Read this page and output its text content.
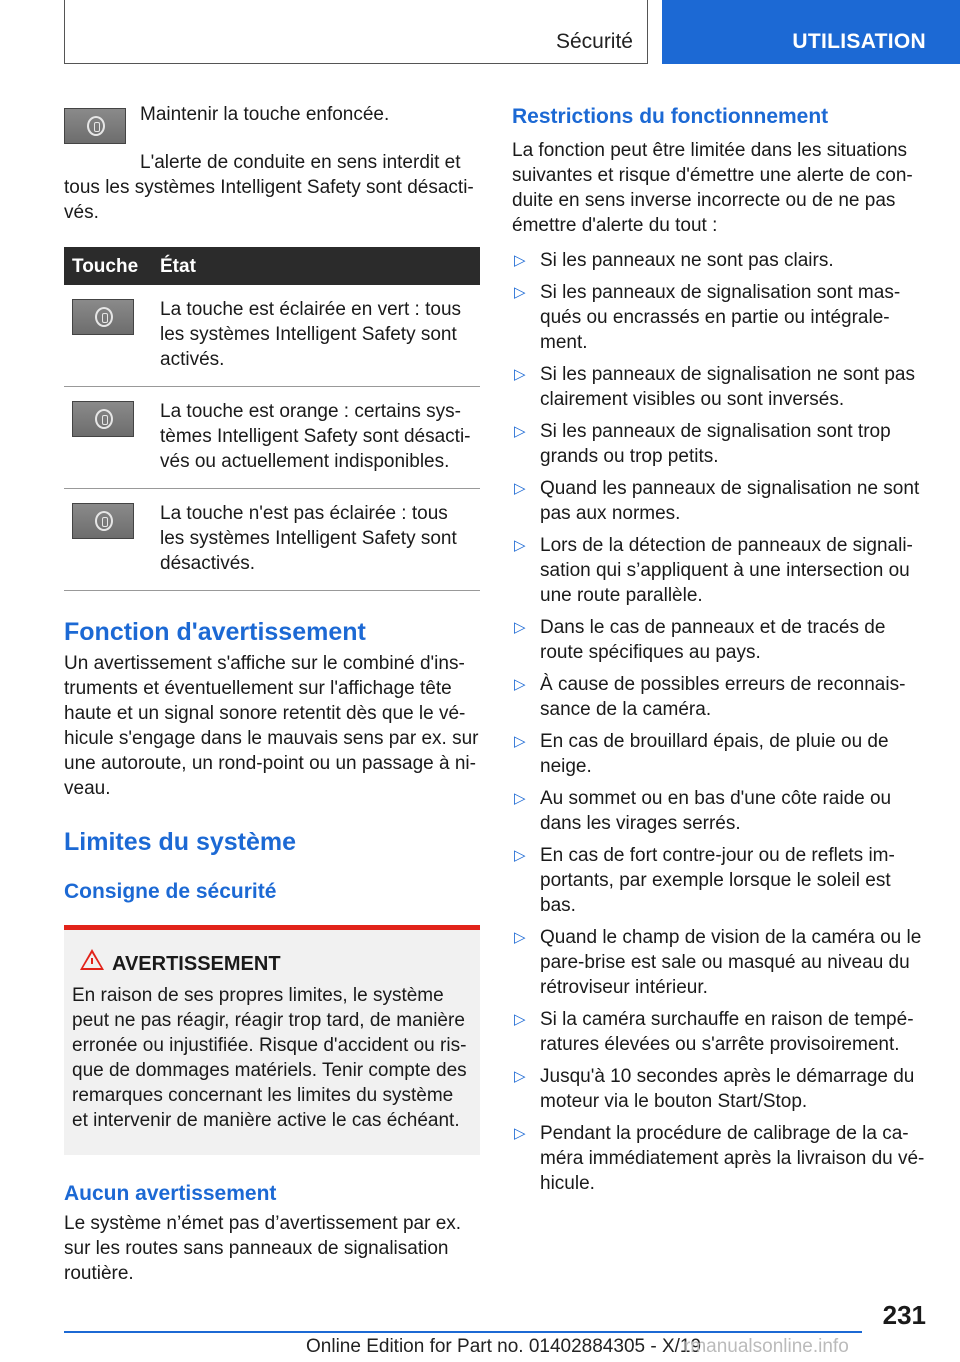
Sécurité	UTILISATION

Maintenir la touche enfoncée.

L'alerte de conduite en sens interdit et tous les systèmes Intelligent Safety sont désacti-vés.
Touche	État

	La touche est éclairée en vert : tous les systèmes Intelligent Safety sont activés.

	La touche est orange : certains sys-tèmes Intelligent Safety sont désacti-vés ou actuellement indisponibles.

	La touche n'est pas éclairée : tous les systèmes Intelligent Safety sont désactivés.
Fonction d'avertissement

Un avertissement s'affiche sur le combiné d'ins-truments et éventuellement sur l'affichage tête haute et un signal sonore retentit dès que le vé-hicule s'engage dans le mauvais sens par ex. sur une autoroute, un rond-point ou un passage à ni-veau.

Limites du système
Consigne de sécurité
AVERTISSEMENT

En raison de ses propres limites, le système peut ne pas réagir, réagir trop tard, de manière erronée ou injustifiée. Risque d'accident ou ris-que de dommages matériels. Tenir compte des remarques concernant les limites du système et intervenir de manière active le cas échéant.

Aucun avertissement

Le système n’émet pas d’avertissement par ex. sur les routes sans panneaux de signalisation routière.

Restrictions du fonctionnement

La fonction peut être limitée dans les situations suivantes et risque d'émettre une alerte de con-duite en sens inverse incorrecte ou de ne pas émettre d'alerte du tout :

▷ Si les panneaux ne sont pas clairs.
▷ Si les panneaux de signalisation sont mas-qués ou encrassés en partie ou intégrale-ment.
▷ Si les panneaux de signalisation ne sont pas clairement visibles ou sont inversés.
▷ Si les panneaux de signalisation sont trop grands ou trop petits.
▷ Quand les panneaux de signalisation ne sont pas aux normes.
▷ Lors de la détection de panneaux de signali-sation qui s’appliquent à une intersection ou une route parallèle.
▷ Dans le cas de panneaux et de tracés de route spécifiques au pays.
▷ À cause de possibles erreurs de reconnais-sance de la caméra.
▷ En cas de brouillard épais, de pluie ou de neige.
▷ Au sommet ou en bas d'une côte raide ou dans les virages serrés.
▷ En cas de fort contre-jour ou de reflets im-portants, par exemple lorsque le soleil est bas.
▷ Quand le champ de vision de la caméra ou le pare-brise est sale ou masqué au niveau du rétroviseur intérieur.
▷ Si la caméra surchauffe en raison de tempé-ratures élevées ou s'arrête provisoirement.
▷ Jusqu'à 10 secondes après le démarrage du moteur via le bouton Start/Stop.
▷ Pendant la procédure de calibrage de la ca-méra immédiatement après la livraison du vé-hicule.
231
Online Edition for Part no. 01402884305 - X/19
rmanualsonline.info
